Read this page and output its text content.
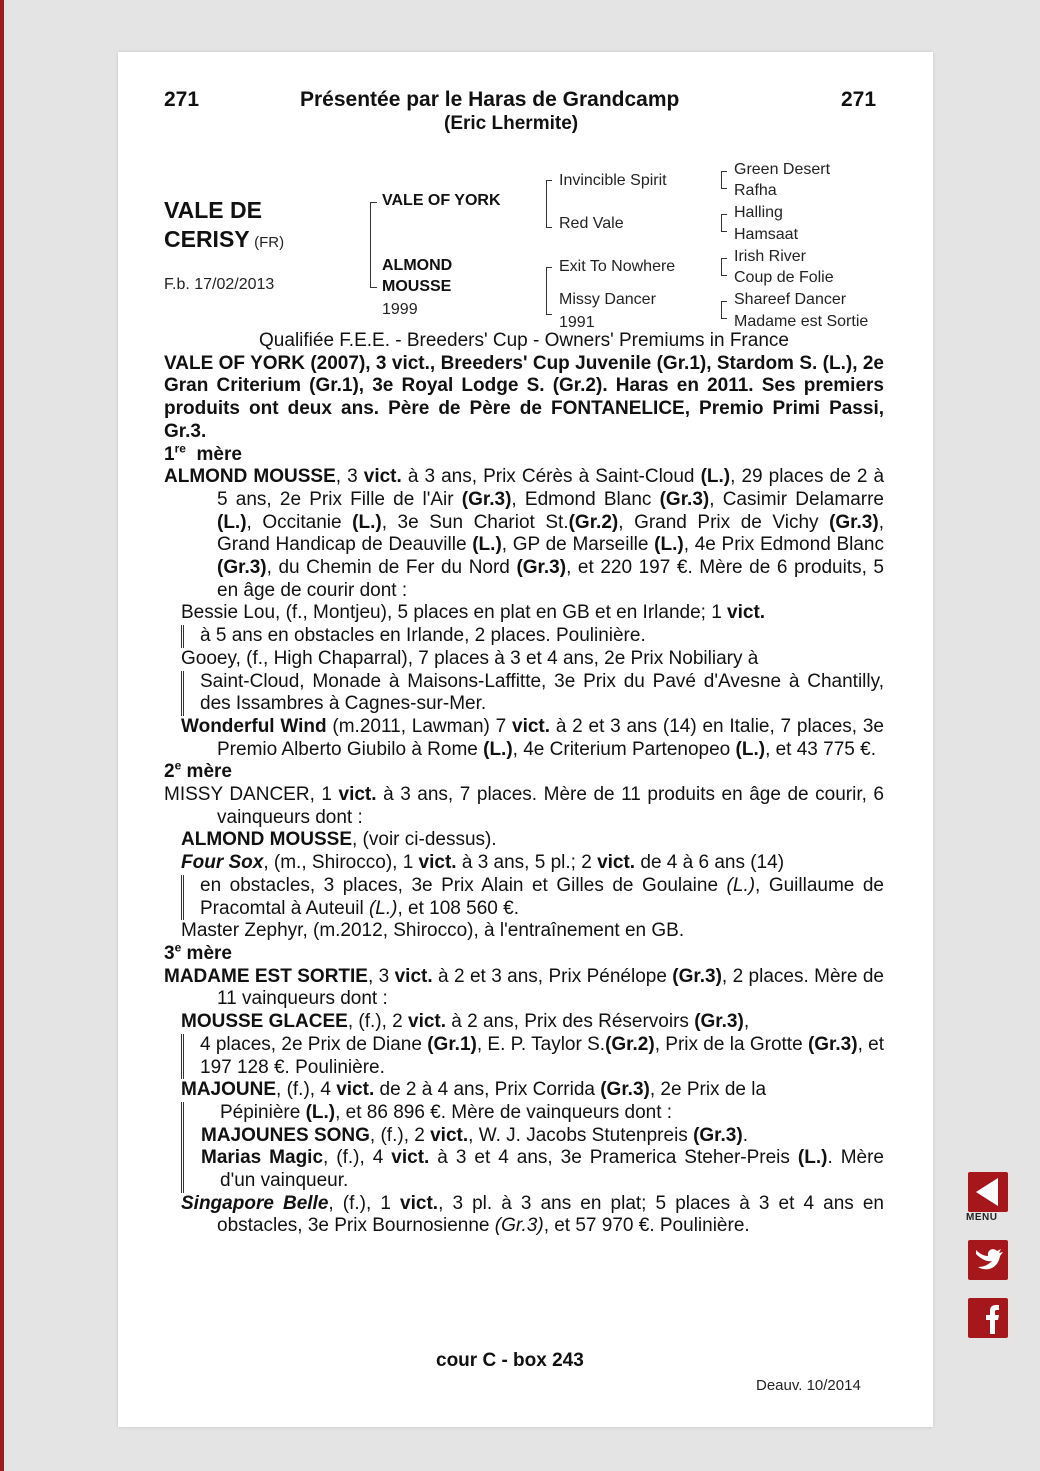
271	Présentée par le Haras de Grandcamp	271
(Eric Lhermite)
VALE DE
CERISY (FR)
F.b. 17/02/2013
VALE OF YORK
ALMOND
MOUSSE
1999
Invincible Spirit
Red Vale
Exit To Nowhere
Missy Dancer
1991
Green Desert
Rafha
Halling
Hamsaat
Irish River
Coup de Folie
Shareef Dancer
Madame est Sortie

Qualifiée F.E.E. - Breeders' Cup - Owners' Premiums in France

VALE OF YORK (2007), 3 vict., Breeders' Cup Juvenile (Gr.1), Stardom S. (L.), 2e Gran Criterium (Gr.1), 3e Royal Lodge S. (Gr.2). Haras en 2011. Ses premiers produits ont deux ans. Père de Père de FONTANELICE, Premio Primi Passi, Gr.3.

1re mère

ALMOND MOUSSE, 3 vict. à 3 ans, Prix Cérès à Saint-Cloud (L.), 29 places de 2 à 5 ans, 2e Prix Fille de l'Air (Gr.3), Edmond Blanc (Gr.3), Casimir Delamarre (L.), Occitanie (L.), 3e Sun Chariot St.(Gr.2), Grand Prix de Vichy (Gr.3), Grand Handicap de Deauville (L.), GP de Marseille (L.), 4e Prix Edmond Blanc (Gr.3), du Chemin de Fer du Nord (Gr.3), et 220 197 €. Mère de 6 produits, 5 en âge de courir dont :

Bessie Lou, (f., Montjeu), 5 places en plat en GB et en Irlande; 1 vict.

à 5 ans en obstacles en Irlande, 2 places. Poulinière.

Gooey, (f., High Chaparral), 7 places à 3 et 4 ans, 2e Prix Nobiliary à

Saint-Cloud, Monade à Maisons-Laffitte, 3e Prix du Pavé d'Avesne à Chantilly, des Issambres à Cagnes-sur-Mer.

Wonderful Wind (m.2011, Lawman) 7 vict. à 2 et 3 ans (14) en Italie, 7 places, 3e Premio Alberto Giubilo à Rome (L.), 4e Criterium Partenopeo (L.), et 43 775 €.

2e mère

MISSY DANCER, 1 vict. à 3 ans, 7 places. Mère de 11 produits en âge de courir, 6 vainqueurs dont :

ALMOND MOUSSE, (voir ci-dessus).

Four Sox, (m., Shirocco), 1 vict. à 3 ans, 5 pl.; 2 vict. de 4 à 6 ans (14)

en obstacles, 3 places, 3e Prix Alain et Gilles de Goulaine (L.), Guillaume de Pracomtal à Auteuil (L.), et 108 560 €.

Master Zephyr, (m.2012, Shirocco), à l'entraînement en GB.

3e mère

MADAME EST SORTIE, 3 vict. à 2 et 3 ans, Prix Pénélope (Gr.3), 2 places. Mère de 11 vainqueurs dont :

MOUSSE GLACEE, (f.), 2 vict. à 2 ans, Prix des Réservoirs (Gr.3),

4 places, 2e Prix de Diane (Gr.1), E. P. Taylor S.(Gr.2), Prix de la Grotte (Gr.3), et 197 128 €. Poulinière.

MAJOUNE, (f.), 4 vict. de 2 à 4 ans, Prix Corrida (Gr.3), 2e Prix de la

Pépinière (L.), et 86 896 €. Mère de vainqueurs dont :

MAJOUNES SONG, (f.), 2 vict., W. J. Jacobs Stutenpreis (Gr.3).

Marias Magic, (f.), 4 vict. à 3 et 4 ans, 3e Pramerica Steher-Preis (L.). Mère d'un vainqueur.

Singapore Belle, (f.), 1 vict., 3 pl. à 3 ans en plat; 5 places à 3 et 4 ans en obstacles, 3e Prix Bournosienne (Gr.3), et 57 970 €. Poulinière.

cour C - box 243
Deauv. 10/2014
MENU
